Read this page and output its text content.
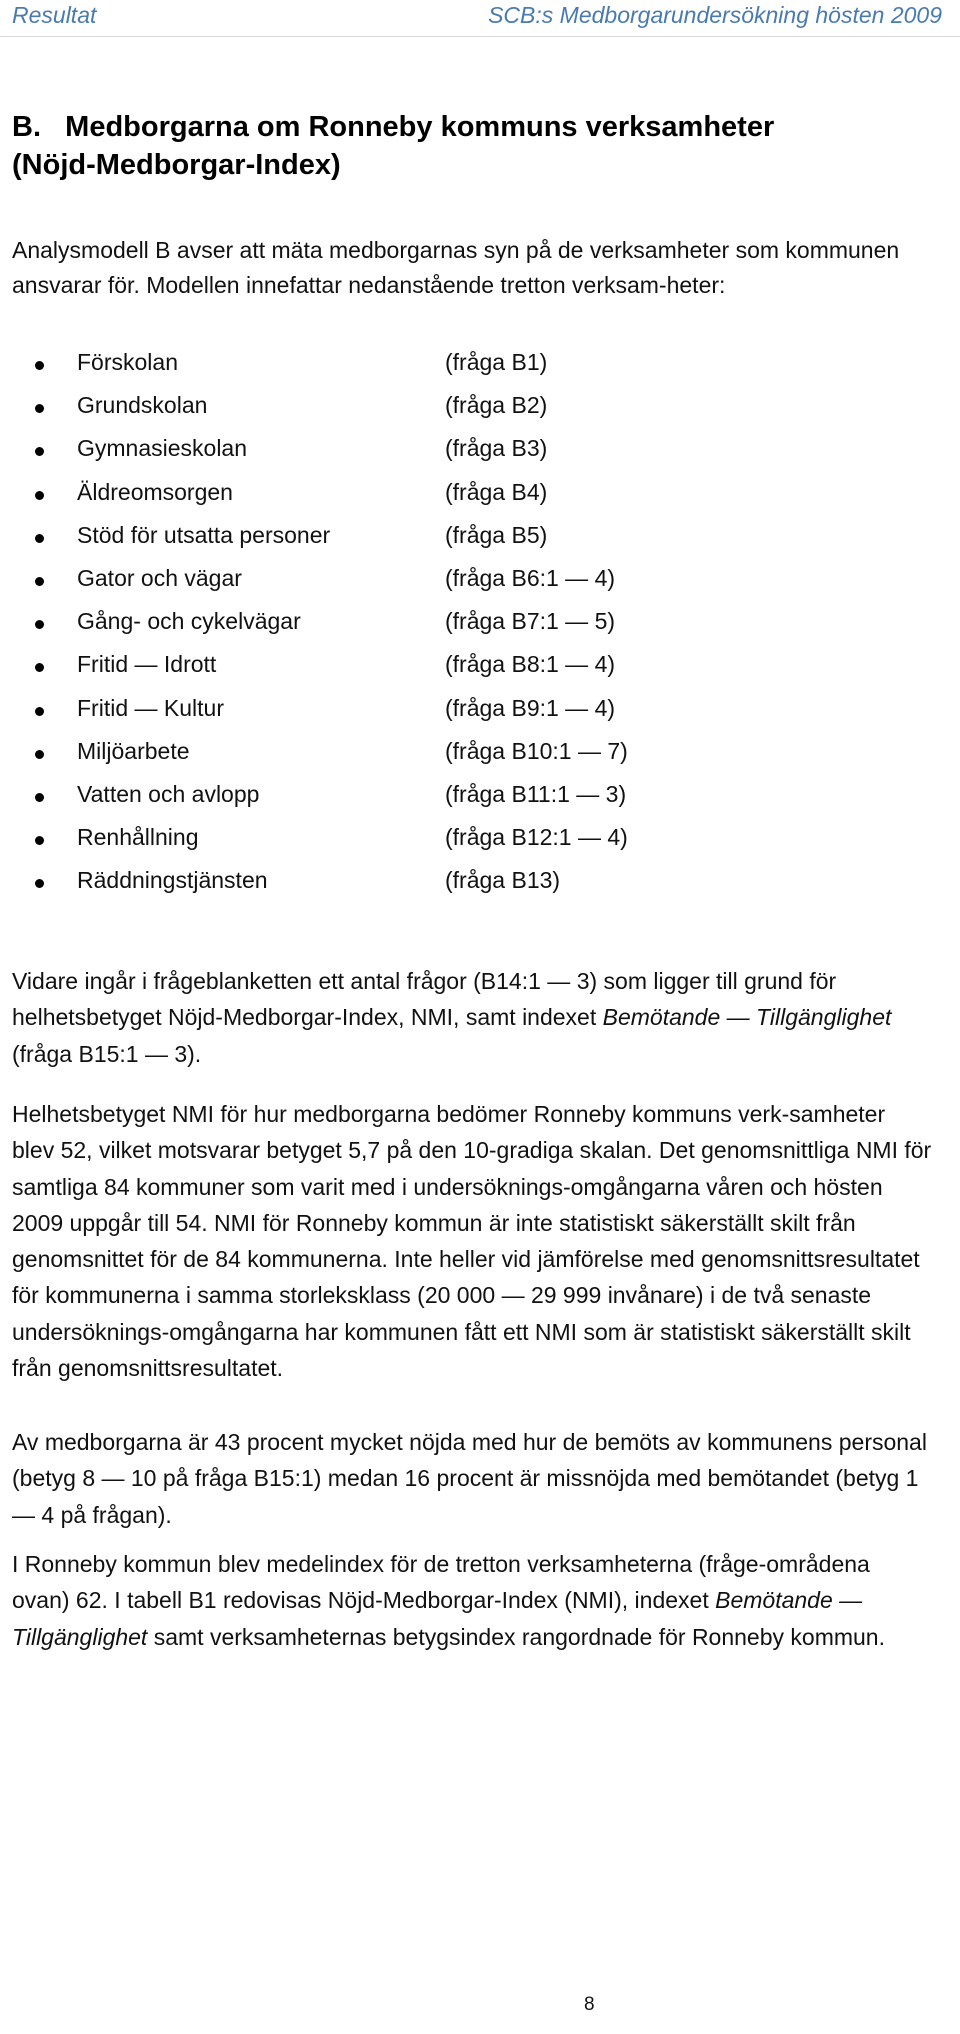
Resultat	SCB:s Medborgarundersökning hösten 2009
B.   Medborgarna om Ronneby kommuns verksamheter
(Nöjd-Medborgar-Index)

Analysmodell B avser att mäta medborgarnas syn på de verksamheter som kommunen ansvarar för. Modellen innefattar nedanstående tretton verksam-heter:

Förskolan	(fråga B1)
Grundskolan	(fråga B2)
Gymnasieskolan	(fråga B3)
Äldreomsorgen	(fråga B4)
Stöd för utsatta personer	(fråga B5)
Gator och vägar	(fråga B6:1 — 4)
Gång- och cykelvägar	(fråga B7:1 — 5)
Fritid — Idrott	(fråga B8:1 — 4)
Fritid — Kultur	(fråga B9:1 — 4)
Miljöarbete	(fråga B10:1 — 7)
Vatten och avlopp	(fråga B11:1 — 3)
Renhållning	(fråga B12:1 — 4)
Räddningstjänsten	(fråga B13)

Vidare ingår i frågeblanketten ett antal frågor (B14:1 — 3) som ligger till grund för helhetsbetyget Nöjd-Medborgar-Index, NMI, samt indexet Bemötande — Tillgänglighet (fråga B15:1 — 3).

Helhetsbetyget NMI för hur medborgarna bedömer Ronneby kommuns verk-samheter blev 52, vilket motsvarar betyget 5,7 på den 10-gradiga skalan. Det genomsnittliga NMI för samtliga 84 kommuner som varit med i undersöknings-omgångarna våren och hösten 2009 uppgår till 54. NMI för Ronneby kommun är inte statistiskt säkerställt skilt från genomsnittet för de 84 kommunerna. Inte heller vid jämförelse med genomsnittsresultatet för kommunerna i samma storleksklass (20 000 — 29 999 invånare) i de två senaste undersöknings-omgångarna har kommunen fått ett NMI som är statistiskt säkerställt skilt från genomsnittsresultatet.

Av medborgarna är 43 procent mycket nöjda med hur de bemöts av kommunens personal (betyg 8 — 10 på fråga B15:1) medan 16 procent är missnöjda med bemötandet (betyg 1 — 4 på frågan).

I Ronneby kommun blev medelindex för de tretton verksamheterna (fråge-områdena ovan) 62. I tabell B1 redovisas Nöjd-Medborgar-Index (NMI), indexet Bemötande — Tillgänglighet samt verksamheternas betygsindex rangordnade för Ronneby kommun.

8
